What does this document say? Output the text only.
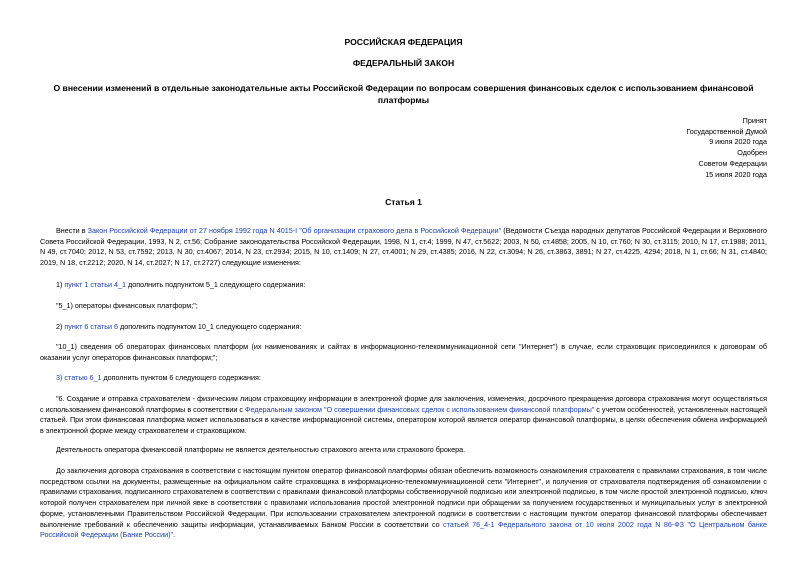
РОССИЙСКАЯ ФЕДЕРАЦИЯ
ФЕДЕРАЛЬНЫЙ ЗАКОН
О внесении изменений в отдельные законодательные акты Российской Федерации по вопросам совершения финансовых сделок с использованием финансовой платформы
Принят
Государственной Думой
9 июля 2020 года
Одобрен
Советом Федерации
15 июля 2020 года
Статья 1
Внести в Закон Российской Федерации от 27 ноября 1992 года N 4015-I "Об организации страхового дела в Российской Федерации" (Ведомости Съезда народных депутатов Российской Федерации и Верховного Совета Российской Федерации, 1993, N 2, ст.56; Собрание законодательства Российской Федерации, 1998, N 1, ст.4; 1999, N 47, ст.5622; 2003, N 50, ст.4858; 2005, N 10, ст.760; N 30, ст.3115; 2010, N 17, ст.1988; 2011, N 49, ст.7040; 2012, N 53, ст.7592; 2013, N 30, ст.4067; 2014, N 23, ст.2934; 2015, N 10, ст.1409; N 27, ст.4001; N 29, ст.4385; 2016, N 22, ст.3094; N 26, ст.3863, 3891; N 27, ст.4225, 4294; 2018, N 1, ст.66; N 31, ст.4840; 2019, N 18, ст.2212; 2020, N 14, ст.2027; N 17, ст.2727) следующие изменения:
1) пункт 1 статьи 4_1 дополнить подпунктом 5_1 следующего содержания:
"5_1) операторы финансовых платформ;";
2) пункт 6 статьи 6 дополнить подпунктом 10_1 следующего содержания:
"10_1) сведения об операторах финансовых платформ (их наименованиях и сайтах в информационно-телекоммуникационной сети "Интернет") в случае, если страховщик присоединился к договорам об оказании услуг операторов финансовых платформ;";
3) статью 6_1 дополнить пунктом 6 следующего содержания:
"6. Создание и отправка страхователем - физическим лицом страховщику информации в электронной форме для заключения, изменения, досрочного прекращения договора страхования могут осуществляться с использованием финансовой платформы в соответствии с Федеральным законом "О совершении финансовых сделок с использованием финансовой платформы" с учетом особенностей, установленных настоящей статьей. При этом финансовая платформа может использоваться в качестве информационной системы, оператором которой является оператор финансовой платформы, в целях обеспечения обмена информацией в электронной форме между страхователем и страховщиком.
Деятельность оператора финансовой платформы не является деятельностью страхового агента или страхового брокера.
До заключения договора страхования в соответствии с настоящим пунктом оператор финансовой платформы обязан обеспечить возможность ознакомления страхователя с правилами страхования, в том числе посредством ссылки на документы, размещенные на официальном сайте страховщика в информационно-телекоммуникационной сети "Интернет", и получения от страхователя подтверждения об ознакомлении с правилами страхования, подписанного страхователем в соответствии с правилами финансовой платформы собственноручной подписью или электронной подписью, в том числе простой электронной подписью, ключ которой получен страхователем при личной явке в соответствии с правилами использования простой электронной подписи при обращении за получением государственных и муниципальных услуг в электронной форме, установленными Правительством Российской Федерации. При использовании страхователем электронной подписи в соответствии с настоящим пунктом оператор финансовой платформы обеспечивает выполнение требований к обеспечению защиты информации, устанавливаемых Банком России в соответствии со статьей 76_4-1 Федерального закона от 10 июля 2002 года N 86-ФЗ "О Центральном банке Российской Федерации (Банке России)".
